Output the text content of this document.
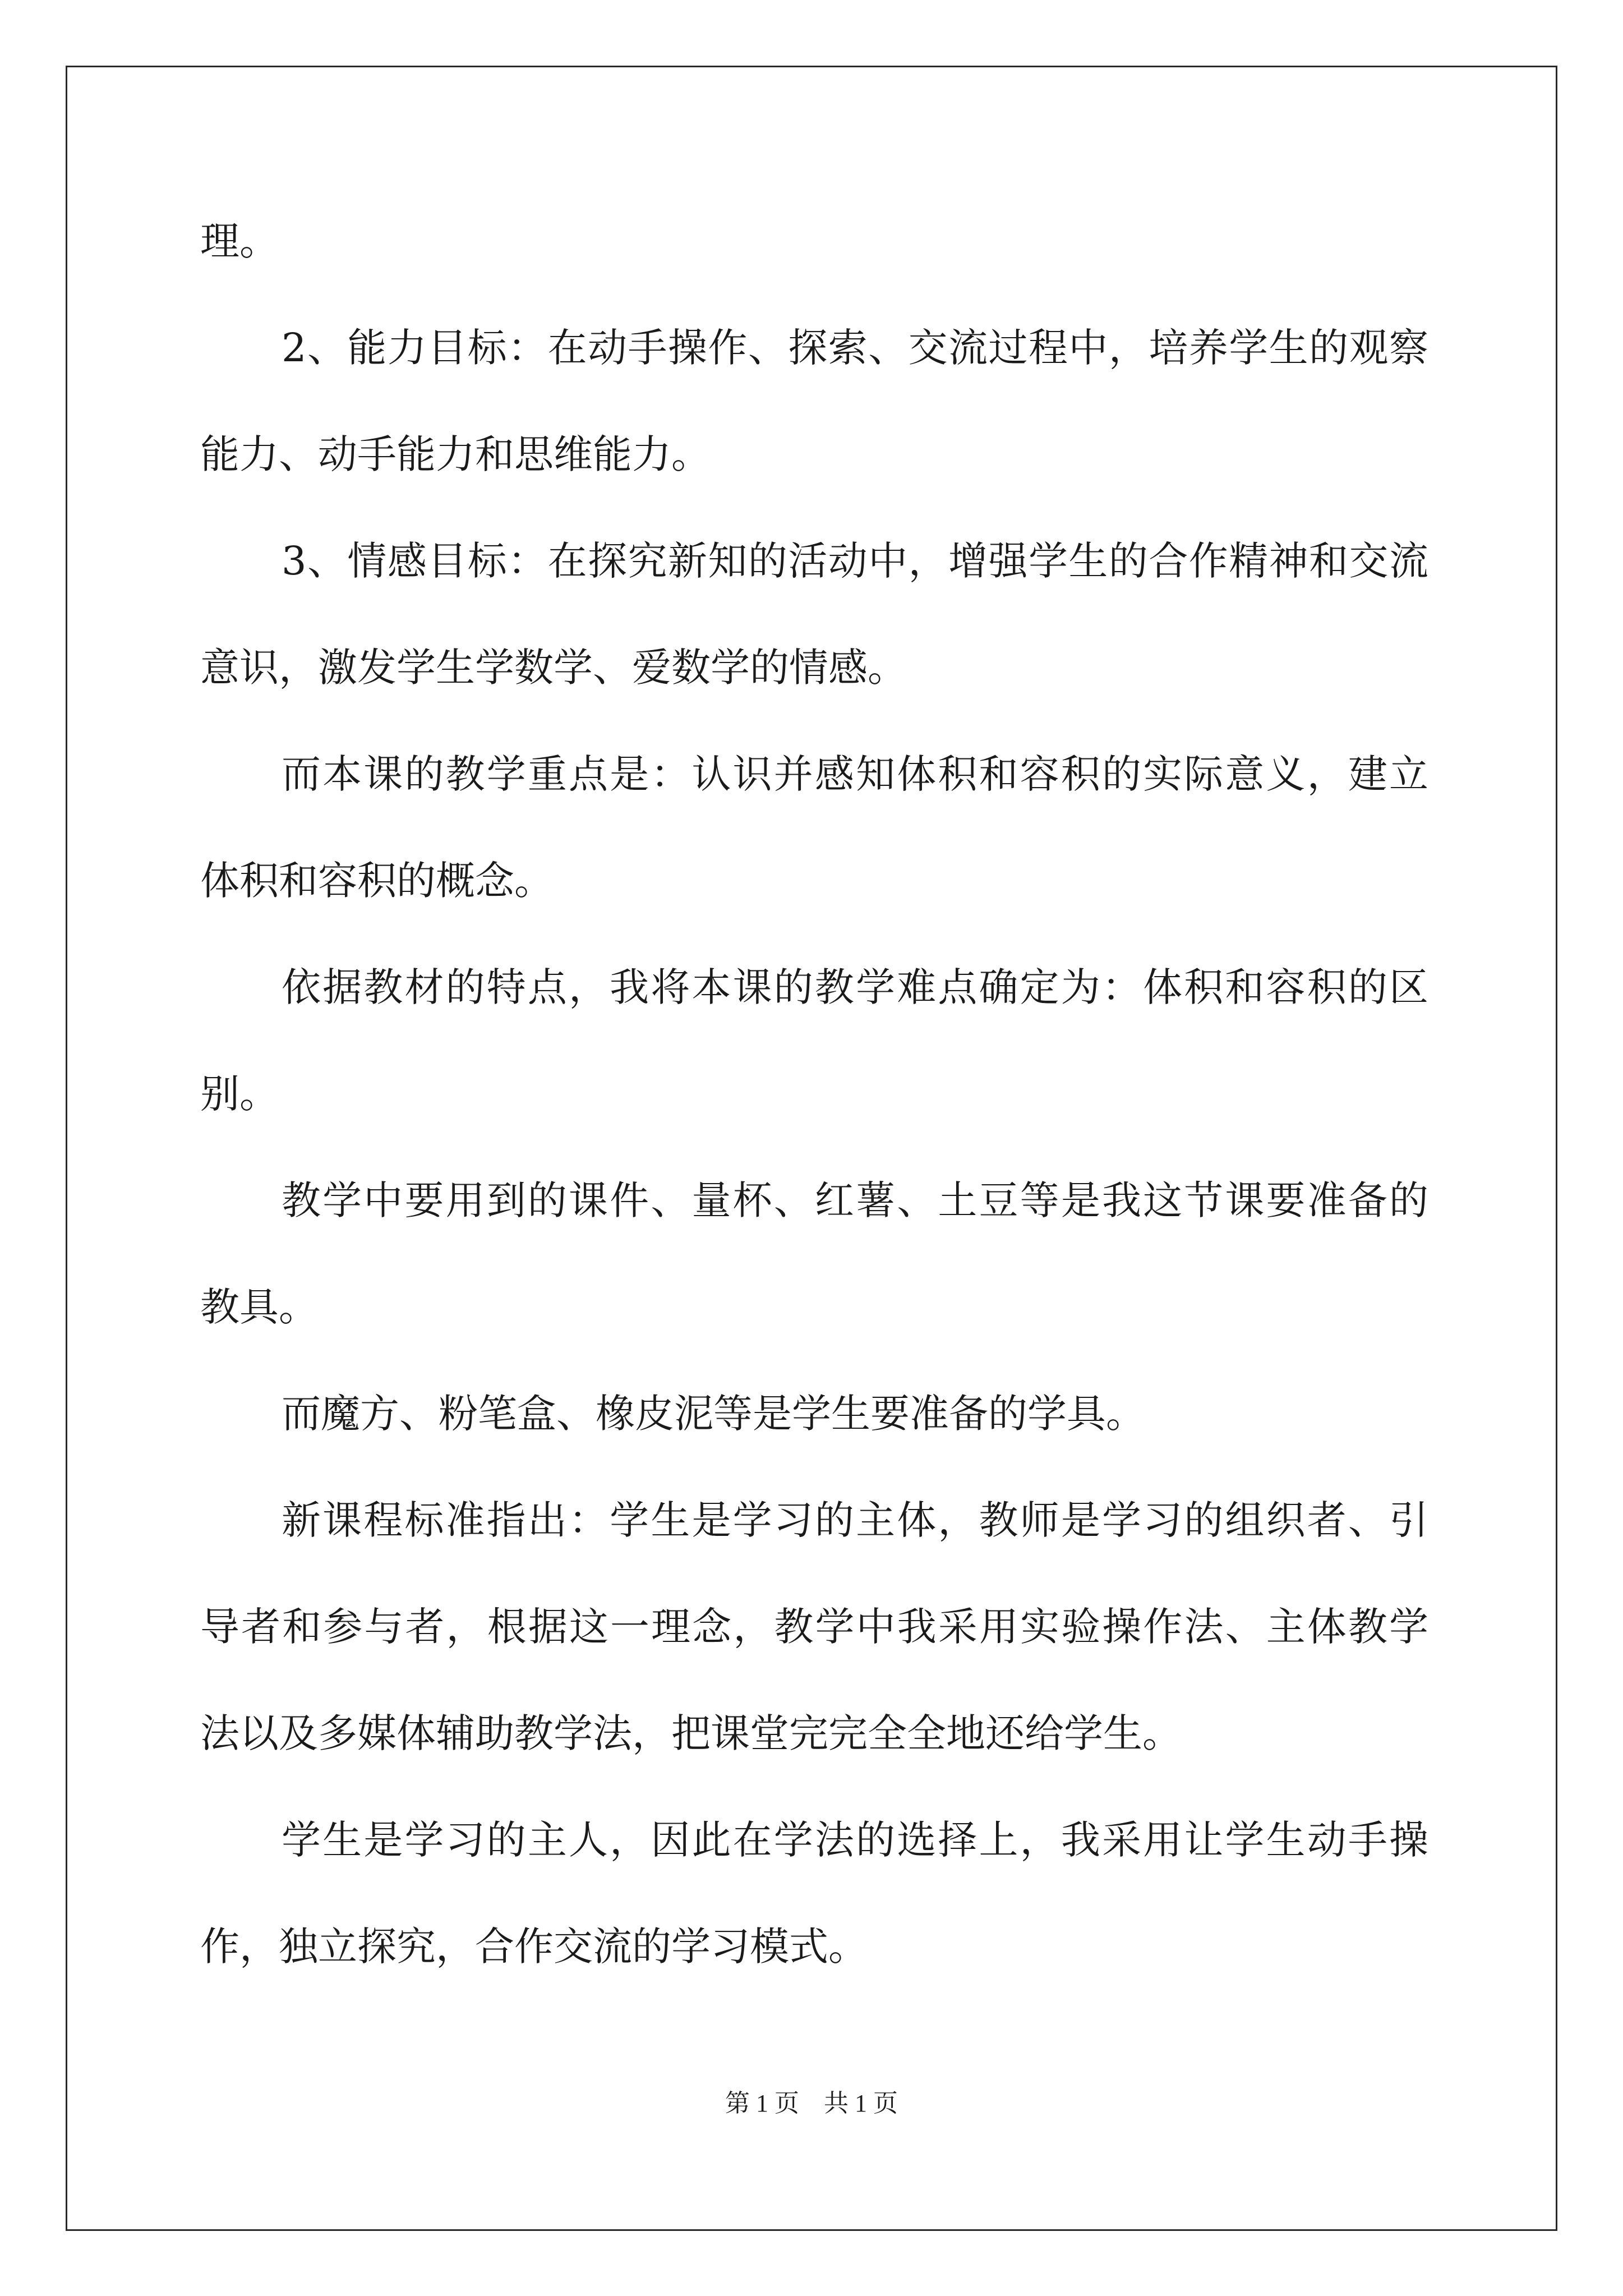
理。
2、能力目标：在动手操作、探索、交流过程中，培养学生的观察
能力、动手能力和思维能力。
3、情感目标：在探究新知的活动中，增强学生的合作精神和交流
意识，激发学生学数学、爱数学的情感。
而本课的教学重点是：认识并感知体积和容积的实际意义，建立
体积和容积的概念。
依据教材的特点，我将本课的教学难点确定为：体积和容积的区
别。
教学中要用到的课件、量杯、红薯、土豆等是我这节课要准备的
教具。
而魔方、粉笔盒、橡皮泥等是学生要准备的学具。
新课程标准指出：学生是学习的主体，教师是学习的组织者、引
导者和参与者，根据这一理念，教学中我采用实验操作法、主体教学
法以及多媒体辅助教学法，把课堂完完全全地还给学生。
学生是学习的主人，因此在学法的选择上，我采用让学生动手操
作，独立探究，合作交流的学习模式。
第 1 页　共 1 页
